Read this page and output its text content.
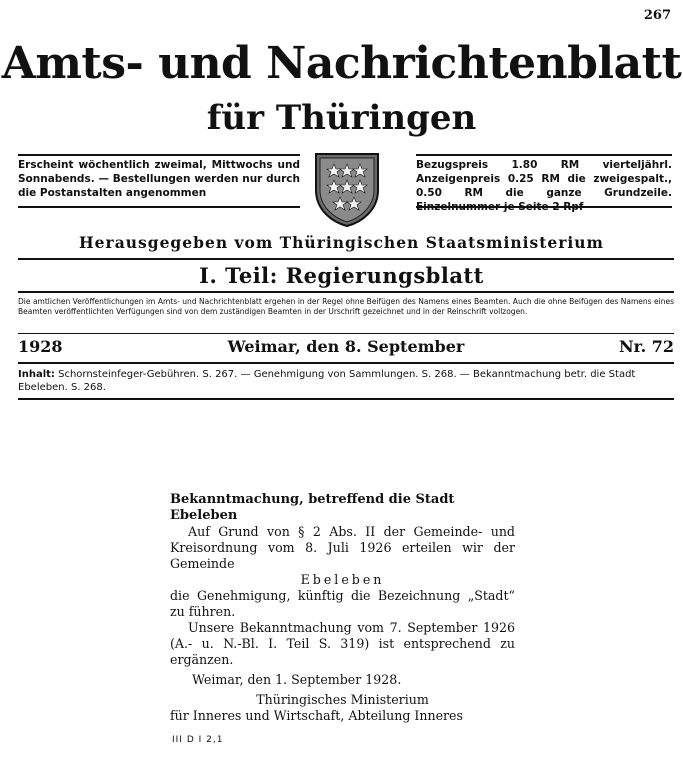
267
Amts- und Nachrichtenblatt
für Thüringen
Erscheint wöchentlich zweimal, Mittwochs und Sonnabends. — Bestellungen werden nur durch die Postanstalten angenommen
Bezugspreis 1.80 RM vierteljährl. Anzeigenpreis 0.25 RM die zweigespalt., 0.50 RM die ganze Grundzeile.
Herausgegeben vom Thüringischen Staatsministerium
I. Teil: Regierungsblatt
Die amtlichen Veröffentlichungen im Amts- und Nachrichtenblatt ergehen in der Regel ohne Beifügen des Namens eines Beamten. Auch die ohne Beifügen des Namens eines Beamten veröffentlichten Verfügungen sind von dem zuständigen Beamten in der Urschrift gezeichnet und in der Reinschrift vollzogen.
1928	Weimar, den 8. September	Nr. 72
Inhalt: Schornsteinfeger-Gebühren. S. 267. — Genehmigung von Sammlungen. S. 268. — Bekanntmachung betr. die Stadt Ebeleben. S. 268.
Bekanntmachung, betreffend die Stadt Ebeleben
Auf Grund von § 2 Abs. II der Gemeinde- und Kreisordnung vom 8. Juli 1926 erteilen wir der Gemeinde
Ebeleben
die Genehmigung, künftig die Bezeichnung „Stadt“ zu führen.
Unsere Bekanntmachung vom 7. September 1926 (A.- u. N.-Bl. I. Teil S. 319) ist entsprechend zu ergänzen.
Weimar, den 1. September 1928.
Thüringisches Ministerium
für Inneres und Wirtschaft, Abteilung Inneres
III D I 2,1
